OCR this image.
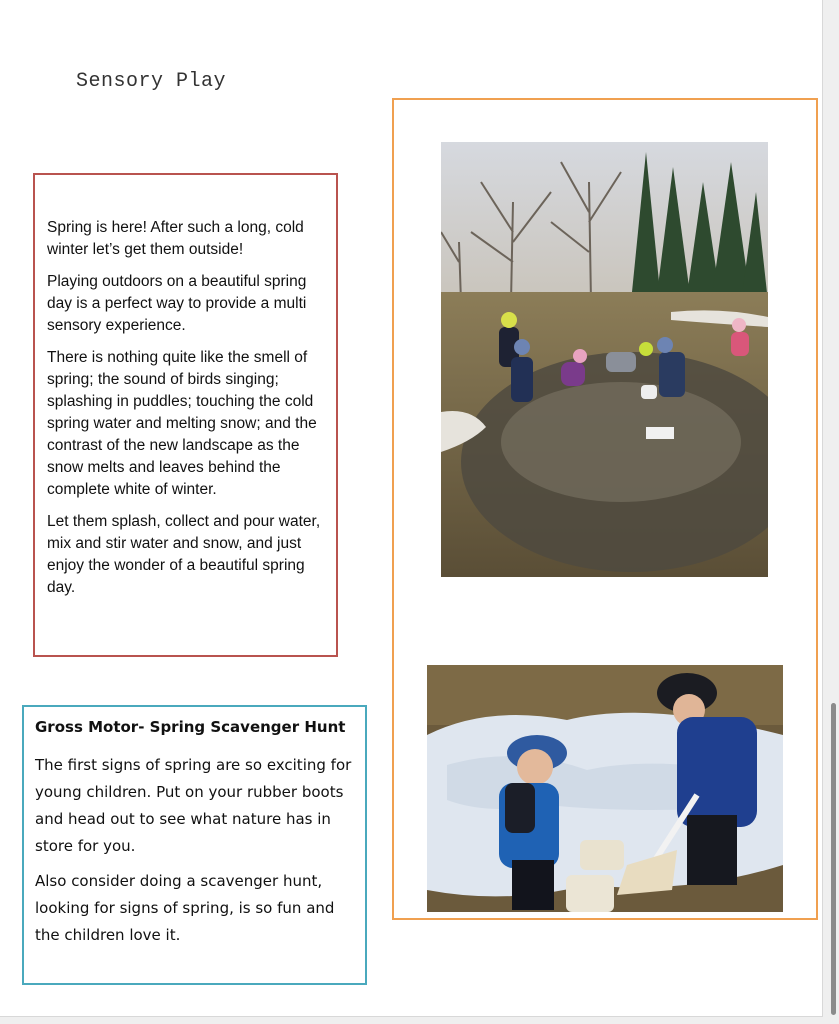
Sensory Play

Spring is here! After such a long, cold winter let’s get them outside!

Playing outdoors on a beautiful spring day is a perfect way to provide a multi sensory experience.

There is nothing quite like the smell of spring; the sound of birds singing; splashing in puddles; touching the cold spring water and melting snow; and the contrast of the new landscape as the snow melts and leaves behind the complete white of winter.

Let them splash, collect and pour water, mix and stir water and snow, and just enjoy the wonder of a beautiful spring day.

Gross Motor- Spring Scavenger Hunt

The first signs of spring are so exciting for young children. Put on your rubber boots and head out to see what nature has in store for you.

Also consider doing a scavenger hunt, looking for signs of spring, is so fun and the children love it.
